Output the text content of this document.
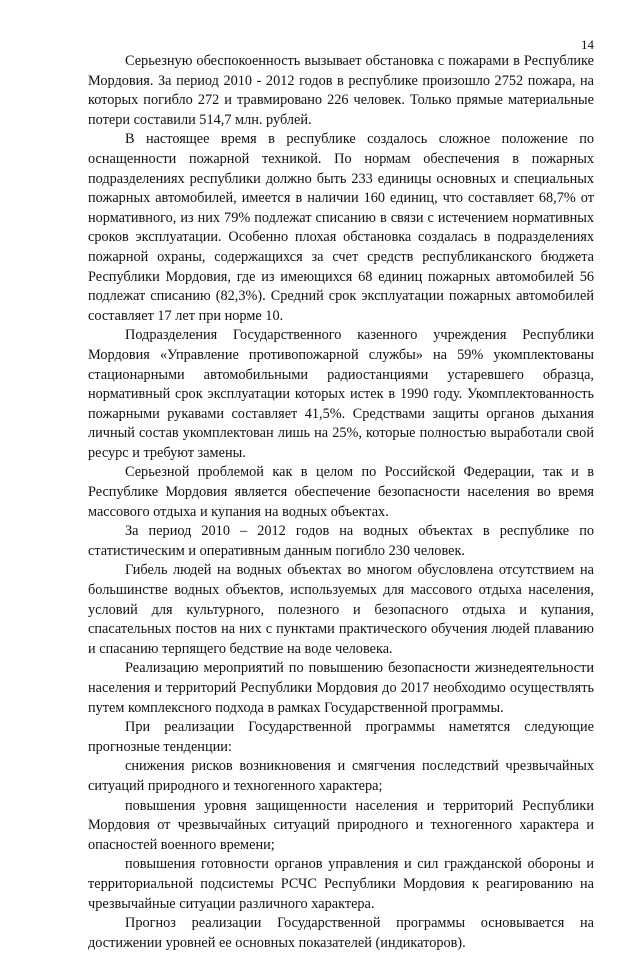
14

Серьезную обеспокоенность вызывает обстановка с пожарами в Республике Мордовия. За период 2010 - 2012 годов в республике произошло 2752 пожара, на которых погибло 272 и травмировано 226 человек. Только прямые материальные потери составили 514,7 млн. рублей.

В настоящее время в республике создалось сложное положение по оснащенности пожарной техникой. По нормам обеспечения в пожарных подразделениях республики должно быть 233 единицы основных и специальных пожарных автомобилей, имеется в наличии 160 единиц, что составляет 68,7% от нормативного, из них 79% подлежат списанию в связи с истечением нормативных сроков эксплуатации. Особенно плохая обстановка создалась в подразделениях пожарной охраны, содержащихся за счет средств республиканского бюджета Республики Мордовия, где из имеющихся 68 единиц пожарных автомобилей 56 подлежат списанию (82,3%). Средний срок эксплуатации пожарных автомобилей составляет 17 лет при норме 10.

Подразделения Государственного казенного учреждения Республики Мордовия «Управление противопожарной службы» на 59% укомплектованы стационарными автомобильными радиостанциями устаревшего образца, нормативный срок эксплуатации которых истек в 1990 году. Укомплектованность пожарными рукавами составляет 41,5%. Средствами защиты органов дыхания личный состав укомплектован лишь на 25%, которые полностью выработали свой ресурс и требуют замены.

Серьезной проблемой как в целом по Российской Федерации, так и в Республике Мордовия является обеспечение безопасности населения во время массового отдыха и купания на водных объектах.

За период 2010 – 2012 годов на водных объектах в республике по статистическим и оперативным данным погибло 230 человек.

Гибель людей на водных объектах во многом обусловлена отсутствием на большинстве водных объектов, используемых для массового отдыха населения, условий для культурного, полезного и безопасного отдыха и купания, спасательных постов на них с пунктами практического обучения людей плаванию и спасанию терпящего бедствие на воде человека.

Реализацию мероприятий по повышению безопасности жизнедеятельности населения и территорий Республики Мордовия до 2017 необходимо осуществлять путем комплексного подхода в рамках Государственной программы.

При реализации Государственной программы наметятся следующие прогнозные тенденции:

снижения рисков возникновения и смягчения последствий чрезвычайных ситуаций природного и техногенного характера;

повышения уровня защищенности населения и территорий Республики Мордовия от чрезвычайных ситуаций природного и техногенного характера и опасностей военного времени;

повышения готовности органов управления и сил гражданской обороны и территориальной подсистемы РСЧС Республики Мордовия к реагированию на чрезвычайные ситуации различного характера.

Прогноз реализации Государственной программы основывается на достижении уровней ее основных показателей (индикаторов).
